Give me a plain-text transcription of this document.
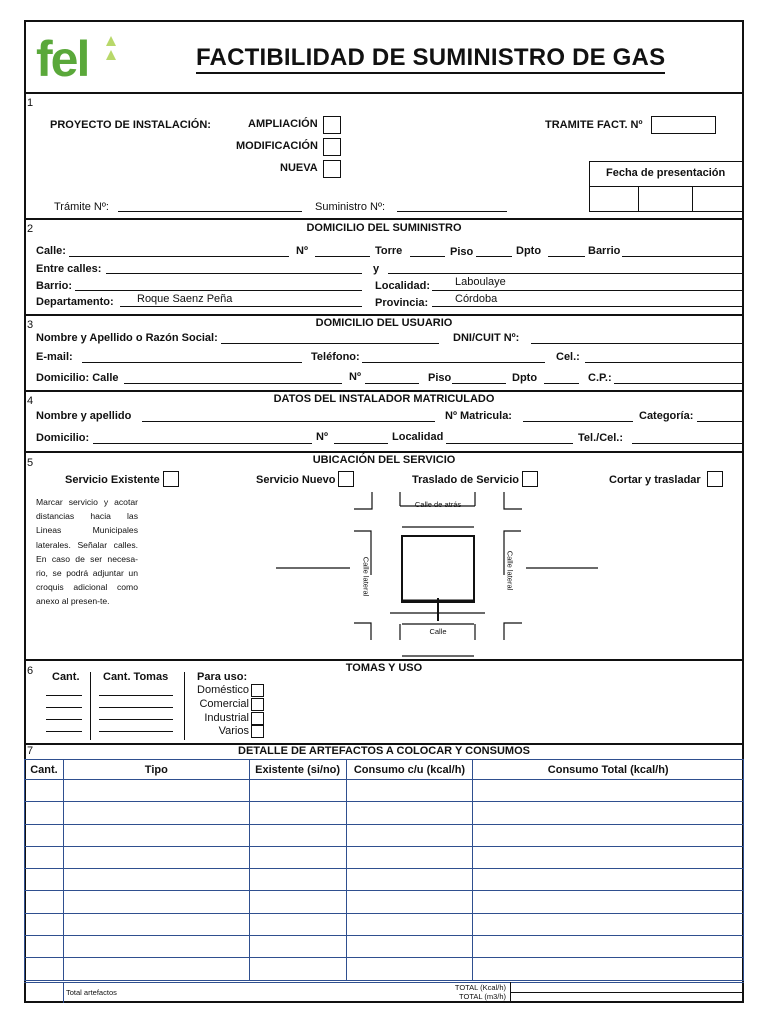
fel	FACTIBILIDAD DE SUMINISTRO DE GAS
1
PROYECTO DE INSTALACIÓN:	AMPLIACIÓN
MODIFICACIÓN
NUEVA
TRAMITE FACT. Nº
Fecha de presentación
Trámite Nº:	Suministro Nº:
2	DOMICILIO DEL SUMINISTRO
Calle:	Nº	Torre	Piso	Dpto	Barrio
Entre calles:	y
Barrio:	Localidad: Laboulaye
Departamento: Roque Saenz Peña	Provincia: Córdoba
3	DOMICILIO DEL USUARIO
Nombre y Apellido o Razón Social:	DNI/CUIT Nº:
E-mail:	Teléfono:	Cel.:
Domicilio: Calle	Nº	Piso	Dpto	C.P.:
4	DATOS DEL INSTALADOR MATRICULADO
Nombre y apellido	Nº Matricula:	Categoría:
Domicilio:	Nº	Localidad	Tel./Cel.:
5	UBICACIÓN DEL SERVICIO
Servicio Existente	Servicio Nuevo	Traslado de Servicio	Cortar y trasladar
Marcar servicio y acotar distancias hacia las Lineas Municipales laterales. Señalar calles. En caso de ser necesa-rio, se podrá adjuntar un croquis adicional como anexo al presen-te.
Calle de atrás
Calle lateral	Calle lateral
Calle
6	TOMAS Y USO
Cant. Cant. Tomas	Para uso:
Doméstico
Comercial
Industrial
Varios
7	DETALLE DE ARTEFACTOS A COLOCAR Y CONSUMOS
Cant.	Tipo	Existente (si/no)	Consumo c/u (kcal/h)	Consumo Total (kcal/h)

Total artefactos
TOTAL (Kcal/h)
TOTAL (m3/h)
